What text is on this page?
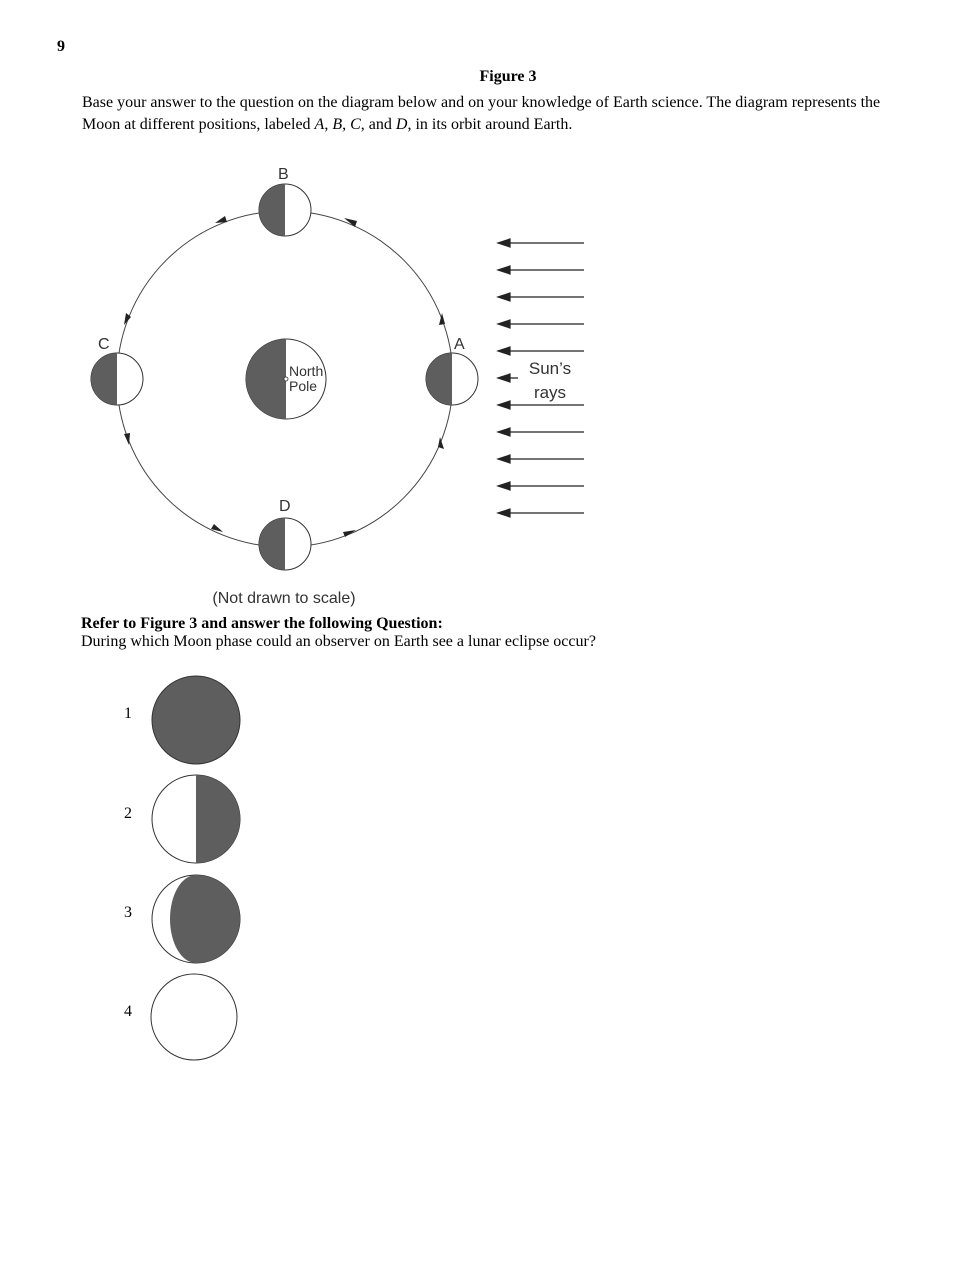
9
Figure 3
Base your answer to the question on the diagram below and on your knowledge of Earth science. The diagram represents the Moon at different positions, labeled A, B, C, and D, in its orbit around Earth.
North
Pole
A
B
C
D
Sun’s
rays
(Not drawn to scale)
Refer to Figure 3 and answer the following Question:
During which Moon phase could an observer on Earth see a lunar eclipse occur?
1
2
3
4
